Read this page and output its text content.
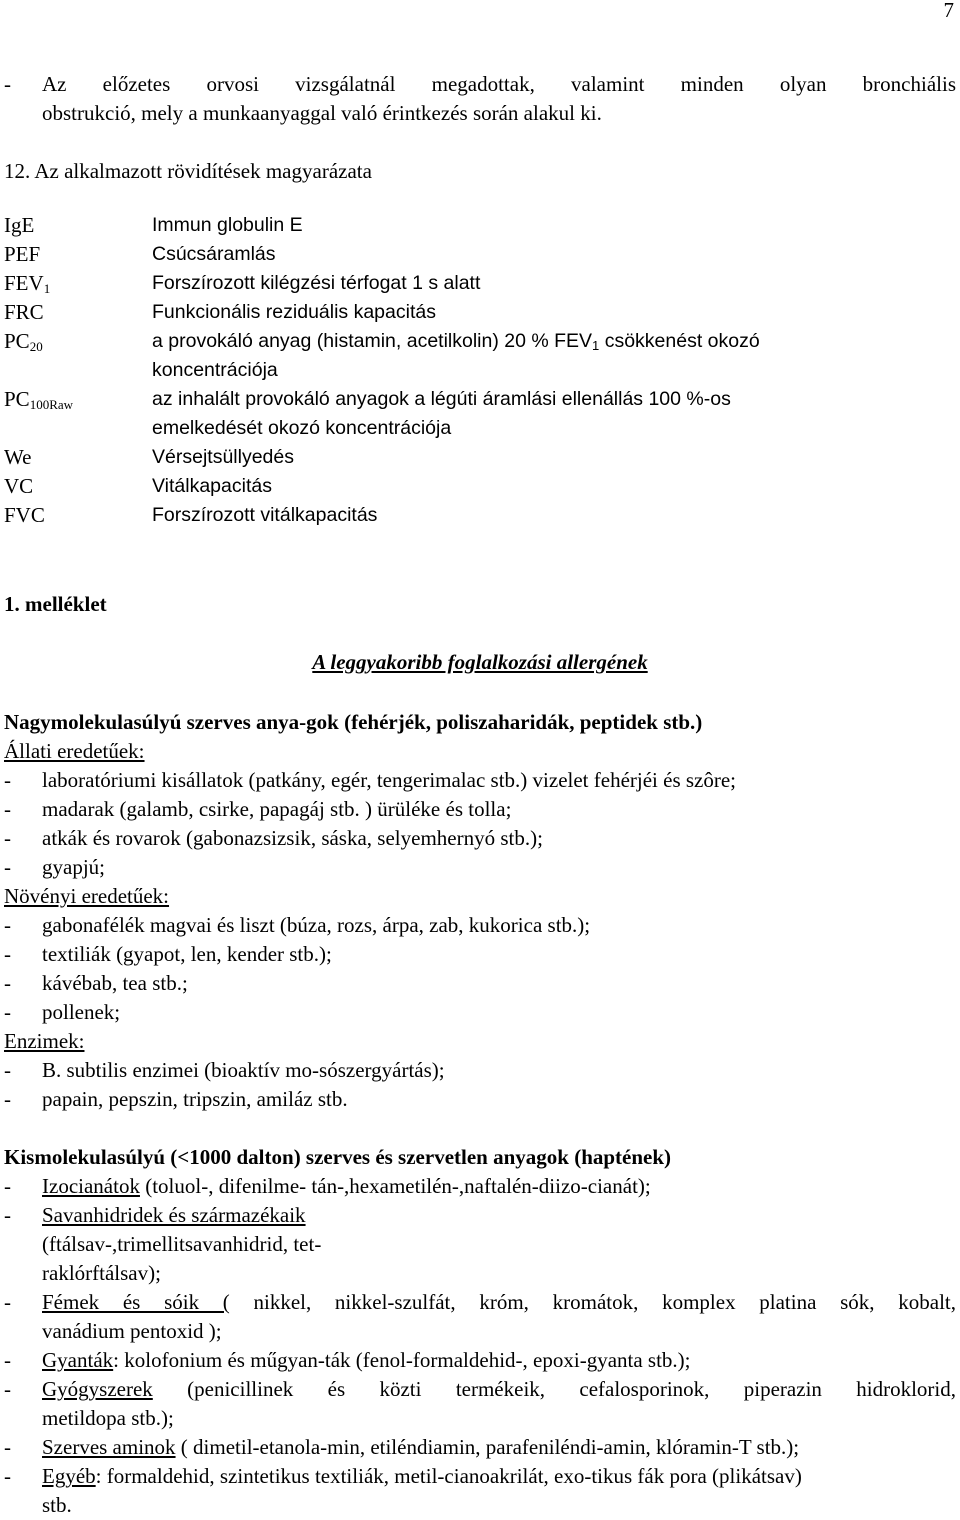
7
-	Az előzetes orvosi vizsgálatnál megadottak, valamint minden olyan bronchiális
obstrukció, mely a munkaanyaggal való érintkezés során alakul ki.
12. Az alkalmazott rövidítések magyarázata
IgE	Immun globulin E
PEF	Csúcsáramlás
$FEV_1$	Forszírozott kilégzési térfogat 1 s alatt
FRC	Funkcionális reziduális kapacitás
$PC_{20}$	a provokáló anyag (histamin, acetilkolin) 20 % $FEV_1$ csökkenést okozó
koncentrációja
$PC_{100Raw}$	az inhalált provokáló anyagok a légúti áramlási ellenállás 100 %-os
emelkedését okozó koncentrációja
We	Vérsejtsüllyedés
VC	Vitálkapacitás
FVC	Forszírozott vitálkapacitás
1. melléklet
A leggyakoribb foglalkozási allergének
Nagymolekulasúlyú szerves anya-gok (fehérjék, poliszaharidák, peptidek stb.)
Állati eredetűek:
-	laboratóriumi kisállatok (patkány, egér, tengerimalac stb.) vizelet fehérjéi és szôre;
-	madarak (galamb, csirke, papagáj stb. ) ürüléke és tolla;
-	atkák és rovarok (gabonazsizsik, sáska, selyemhernyó stb.);
-	gyapjú;
Növényi eredetűek:
-	gabonafélék magvai és liszt (búza, rozs, árpa, zab, kukorica stb.);
-	textiliák (gyapot, len, kender stb.);
-	kávébab, tea stb.;
-	pollenek;
Enzimek:
-	B. subtilis enzimei (bioaktív mo-sószergyártás);
-	papain, pepszin, tripszin, amiláz stb.
Kismolekulasúlyú (<1000 dalton) szerves és szervetlen anyagok (haptének)
-	Izocianátok (toluol-, difenilme- tán-,hexametilén-,naftalén-diizo-cianát);
-	Savanhidridek és származékaik
(ftálsav-,trimellitsavanhidrid, tet-
raklórftálsav);
-	Fémek és sóik ( nikkel, nikkel-szulfát, króm, kromátok, komplex platina sók, kobalt,
vanádium pentoxid );
-	Gyanták: kolofonium és műgyan-ták (fenol-formaldehid-, epoxi-gyanta stb.);
-	Gyógyszerek (penicillinek és közti termékeik, cefalosporinok, piperazin hidroklorid,
metildopa stb.);
-	Szerves aminok ( dimetil-etanola-min, etiléndiamin, parafeniléndi-amin, klóramin-T stb.);
-	Egyéb: formaldehid, szintetikus textiliák, metil-cianoakrilát, exo-tikus fák pora (plikátsav)
stb.
